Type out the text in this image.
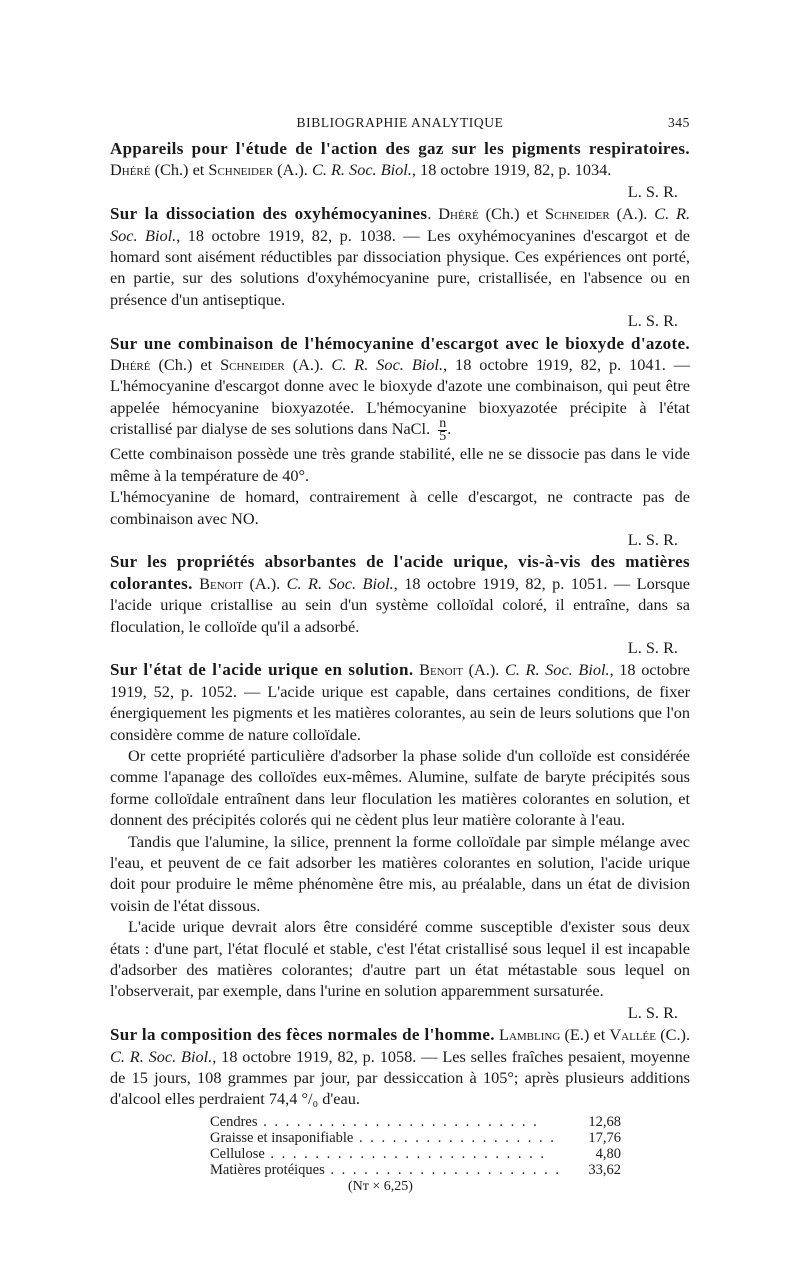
BIBLIOGRAPHIE ANALYTIQUE	345

Appareils pour l'étude de l'action des gaz sur les pigments respiratoires. Dhéré (Ch.) et Schneider (A.). C. R. Soc. Biol., 18 octobre 1919, 82, p. 1034.

L. S. R.

Sur la dissociation des oxyhémocyanines. Dhéré (Ch.) et Schneider (A.). C. R. Soc. Biol., 18 octobre 1919, 82, p. 1038. — Les oxyhémocyanines d'escargot et de homard sont aisément réductibles par dissociation physique. Ces expériences ont porté, en partie, sur des solutions d'oxyhémocyanine pure, cristallisée, en l'absence ou en présence d'un antiseptique.

L. S. R.

Sur une combinaison de l'hémocyanine d'escargot avec le bioxyde d'azote. Dhéré (Ch.) et Schneider (A.). C. R. Soc. Biol., 18 octobre 1919, 82, p. 1041. — L'hémocyanine d'escargot donne avec le bioxyde d'azote une combinaison, qui peut être appelée hémocyanine bioxyazotée. L'hémocyanine bioxyazotée précipite à l'état cristallisé par dialyse de ses solutions dans NaCl. $\frac{n}{5}$ .

Cette combinaison possède une très grande stabilité, elle ne se dissocie pas dans le vide même à la température de 40°.

L'hémocyanine de homard, contrairement à celle d'escargot, ne contracte pas de combinaison avec NO.

L. S. R.

Sur les propriétés absorbantes de l'acide urique, vis-à-vis des matières colorantes. Benoit (A.). C. R. Soc. Biol., 18 octobre 1919, 82, p. 1051. — Lorsque l'acide urique cristallise au sein d'un système colloïdal coloré, il entraîne, dans sa floculation, le colloïde qu'il a adsorbé.

L. S. R.

Sur l'état de l'acide urique en solution. Benoit (A.). C. R. Soc. Biol., 18 octobre 1919, 52, p. 1052. — L'acide urique est capable, dans certaines conditions, de fixer énergiquement les pigments et les matières colorantes, au sein de leurs solutions que l'on considère comme de nature colloïdale.

Or cette propriété particulière d'adsorber la phase solide d'un colloïde est considérée comme l'apanage des colloïdes eux-mêmes. Alumine, sulfate de baryte précipités sous forme colloïdale entraînent dans leur floculation les matières colorantes en solution, et donnent des précipités colorés qui ne cèdent plus leur matière colorante à l'eau.

Tandis que l'alumine, la silice, prennent la forme colloïdale par simple mélange avec l'eau, et peuvent de ce fait adsorber les matières colorantes en solution, l'acide urique doit pour produire le même phénomène être mis, au préalable, dans un état de division voisin de l'état dissous.

L'acide urique devrait alors être considéré comme susceptible d'exister sous deux états : d'une part, l'état floculé et stable, c'est l'état cristallisé sous lequel il est incapable d'adsorber des matières colorantes; d'autre part un état métastable sous lequel on l'observerait, par exemple, dans l'urine en solution apparemment sursaturée.

L. S. R.

Sur la composition des fèces normales de l'homme. Lambling (E.) et Vallée (C.). C. R. Soc. Biol., 18 octobre 1919, 82, p. 1058. — Les selles fraîches pesaient, moyenne de 15 jours, 108 grammes par jour, par dessiccation à 105°; après plusieurs additions d'alcool elles perdraient 74,4 °/₀ d'eau.

Cendres . . . . . . . . . . . . . . . . . . . . . . . . .	12,68
Graisse et insaponifiable . . . . . . . . . . . . . . . . . .	17,76
Cellulose . . . . . . . . . . . . . . . . . . . . . . . . .	4,80
Matières protéiques . . . . . . . . . . . . . . . . . . . . .	33,62

(Nᴛ × 6,25)
